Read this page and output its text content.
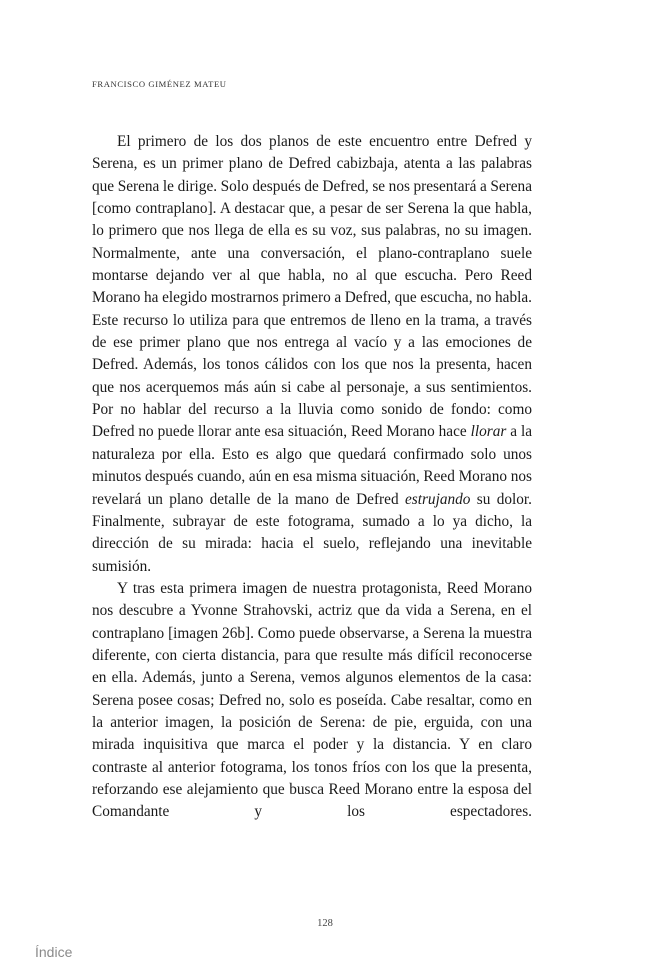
FRANCISCO GIMÉNEZ MATEU

El primero de los dos planos de este encuentro entre Defred y Serena, es un primer plano de Defred cabizbaja, atenta a las palabras que Serena le dirige. Solo después de Defred, se nos presentará a Serena [como contraplano]. A destacar que, a pesar de ser Serena la que habla, lo primero que nos llega de ella es su voz, sus palabras, no su imagen. Normalmente, ante una conversación, el plano-contraplano suele montarse dejando ver al que habla, no al que escucha. Pero Reed Morano ha elegido mostrarnos primero a Defred, que escucha, no habla. Este recurso lo utiliza para que entremos de lleno en la trama, a través de ese primer plano que nos entrega al vacío y a las emociones de Defred. Además, los tonos cálidos con los que nos la presenta, hacen que nos acerquemos más aún si cabe al personaje, a sus sentimientos. Por no hablar del recurso a la lluvia como sonido de fondo: como Defred no puede llorar ante esa situación, Reed Morano hace llorar a la naturaleza por ella. Esto es algo que quedará confirmado solo unos minutos después cuando, aún en esa misma situación, Reed Morano nos revelará un plano detalle de la mano de Defred estrujando su dolor. Finalmente, subrayar de este fotograma, sumado a lo ya dicho, la dirección de su mirada: hacia el suelo, reflejando una inevitable sumisión.

Y tras esta primera imagen de nuestra protagonista, Reed Morano nos descubre a Yvonne Strahovski, actriz que da vida a Serena, en el contraplano [imagen 26b]. Como puede observarse, a Serena la muestra diferente, con cierta distancia, para que resulte más difícil reconocerse en ella. Además, junto a Serena, vemos algunos elementos de la casa: Serena posee cosas; Defred no, solo es poseída. Cabe resaltar, como en la anterior imagen, la posición de Serena: de pie, erguida, con una mirada inquisitiva que marca el poder y la distancia. Y en claro contraste al anterior fotograma, los tonos fríos con los que la presenta, reforzando ese alejamiento que busca Reed Morano entre la esposa del Comandante y los espectadores.

128
Índice
